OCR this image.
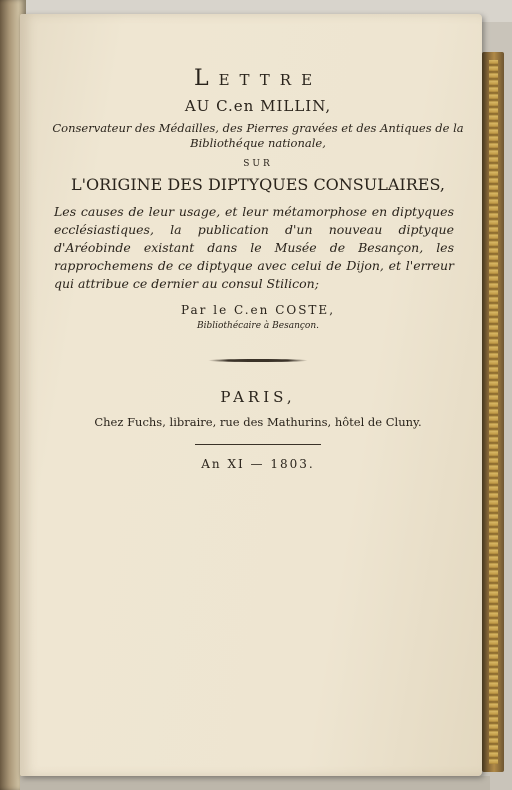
Lettre
AU C.en MILLIN,
Conservateur des Médailles, des Pierres gravées et des Antiques de la Bibliothéque nationale,
SUR
L'ORIGINE DES DIPTYQUES CONSULAIRES,
Les causes de leur usage, et leur métamorphose en diptyques ecclésiastiques, la publication d'un nouveau diptyque d'Aréobinde existant dans le Musée de Besançon, les rapprochemens de ce diptyque avec celui de Dijon, et l'erreur qui attribue ce dernier au consul Stilicon;
Par le C.en COSTE,
Bibliothécaire à Besançon.
PARIS,
Chez Fuchs, libraire, rue des Mathurins, hôtel de Cluny.
An XI — 1803.
